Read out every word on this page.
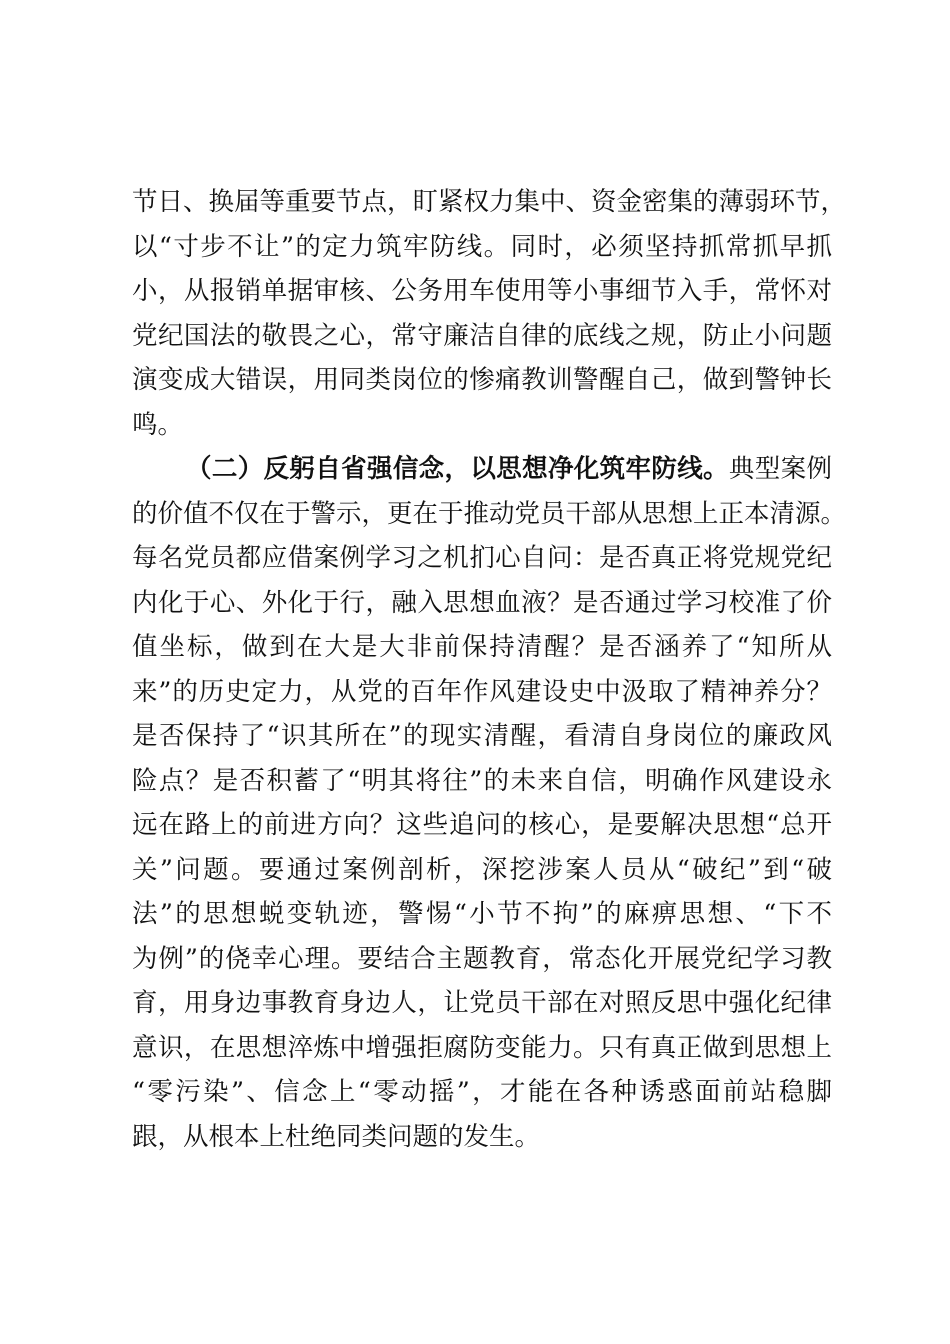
节日、换届等重要节点，盯紧权力集中、资金密集的薄弱环节，
以“寸步不让”的定力筑牢防线。同时，必须坚持抓常抓早抓
小，从报销单据审核、公务用车使用等小事细节入手，常怀对
党纪国法的敬畏之心，常守廉洁自律的底线之规，防止小问题
演变成大错误，用同类岗位的惨痛教训警醒自己，做到警钟长
鸣。
（二）反躬自省强信念，以思想净化筑牢防线。典型案例
的价值不仅在于警示，更在于推动党员干部从思想上正本清源。
每名党员都应借案例学习之机扪心自问：是否真正将党规党纪
内化于心、外化于行，融入思想血液？是否通过学习校准了价
值坐标，做到在大是大非前保持清醒？是否涵养了“知所从
来”的历史定力，从党的百年作风建设史中汲取了精神养分？
是否保持了“识其所在”的现实清醒，看清自身岗位的廉政风
险点？是否积蓄了“明其将往”的未来自信，明确作风建设永
远在路上的前进方向？这些追问的核心，是要解决思想“总开
关”问题。要通过案例剖析，深挖涉案人员从“破纪”到“破
法”的思想蜕变轨迹，警惕“小节不拘”的麻痹思想、“下不
为例”的侥幸心理。要结合主题教育，常态化开展党纪学习教
育，用身边事教育身边人，让党员干部在对照反思中强化纪律
意识，在思想淬炼中增强拒腐防变能力。只有真正做到思想上
“零污染”、信念上“零动摇”，才能在各种诱惑面前站稳脚
跟，从根本上杜绝同类问题的发生。
